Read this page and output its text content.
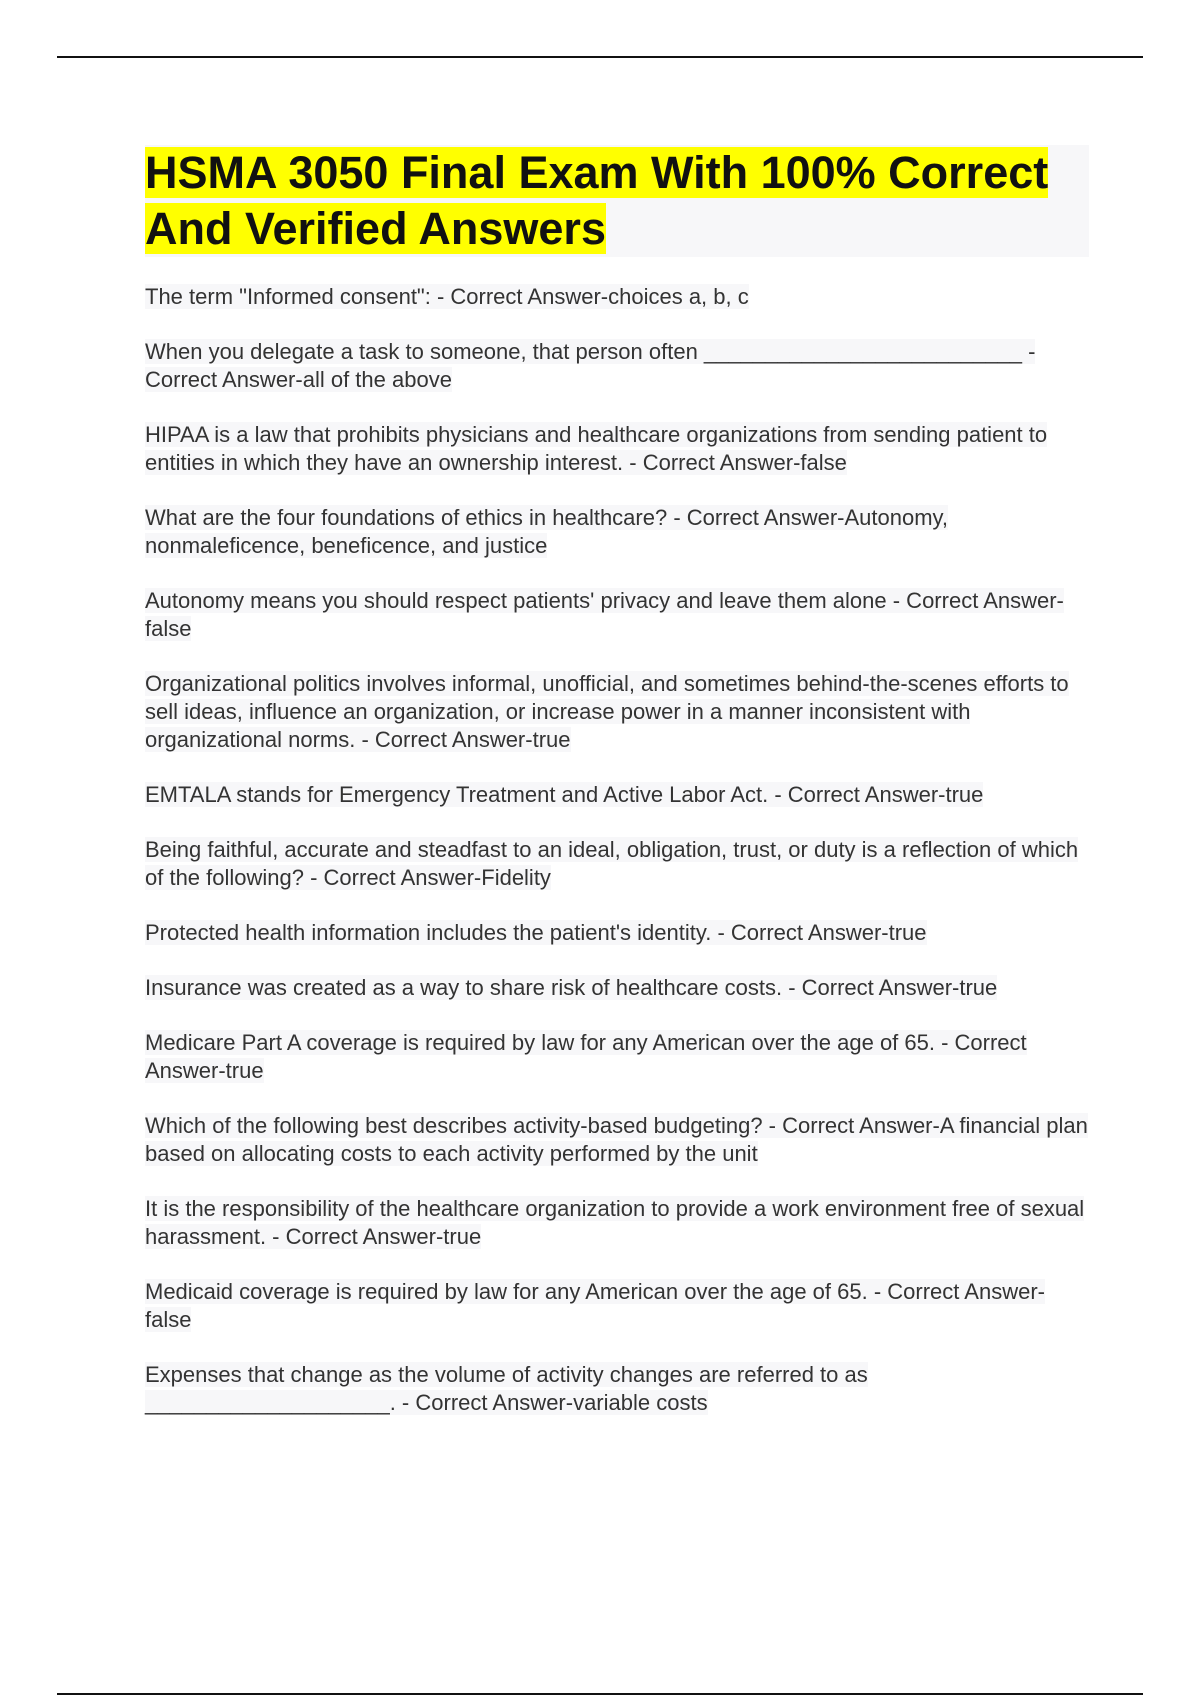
HSMA 3050 Final Exam With 100% Correct And Verified Answers

The term "Informed consent": - Correct Answer-choices a, b, c

When you delegate a task to someone, that person often __________________________ - Correct Answer-all of the above

HIPAA is a law that prohibits physicians and healthcare organizations from sending patient to entities in which they have an ownership interest. - Correct Answer-false

What are the four foundations of ethics in healthcare? - Correct Answer-Autonomy, nonmaleficence, beneficence, and justice

Autonomy means you should respect patients' privacy and leave them alone - Correct Answer-false

Organizational politics involves informal, unofficial, and sometimes behind-the-scenes efforts to sell ideas, influence an organization, or increase power in a manner inconsistent with organizational norms. - Correct Answer-true

EMTALA stands for Emergency Treatment and Active Labor Act. - Correct Answer-true

Being faithful, accurate and steadfast to an ideal, obligation, trust, or duty is a reflection of which of the following? - Correct Answer-Fidelity

Protected health information includes the patient's identity. - Correct Answer-true

Insurance was created as a way to share risk of healthcare costs. - Correct Answer-true

Medicare Part A coverage is required by law for any American over the age of 65. - Correct Answer-true

Which of the following best describes activity-based budgeting? - Correct Answer-A financial plan based on allocating costs to each activity performed by the unit

It is the responsibility of the healthcare organization to provide a work environment free of sexual harassment. - Correct Answer-true

Medicaid coverage is required by law for any American over the age of 65. - Correct Answer-false

Expenses that change as the volume of activity changes are referred to as ____________________. - Correct Answer-variable costs
